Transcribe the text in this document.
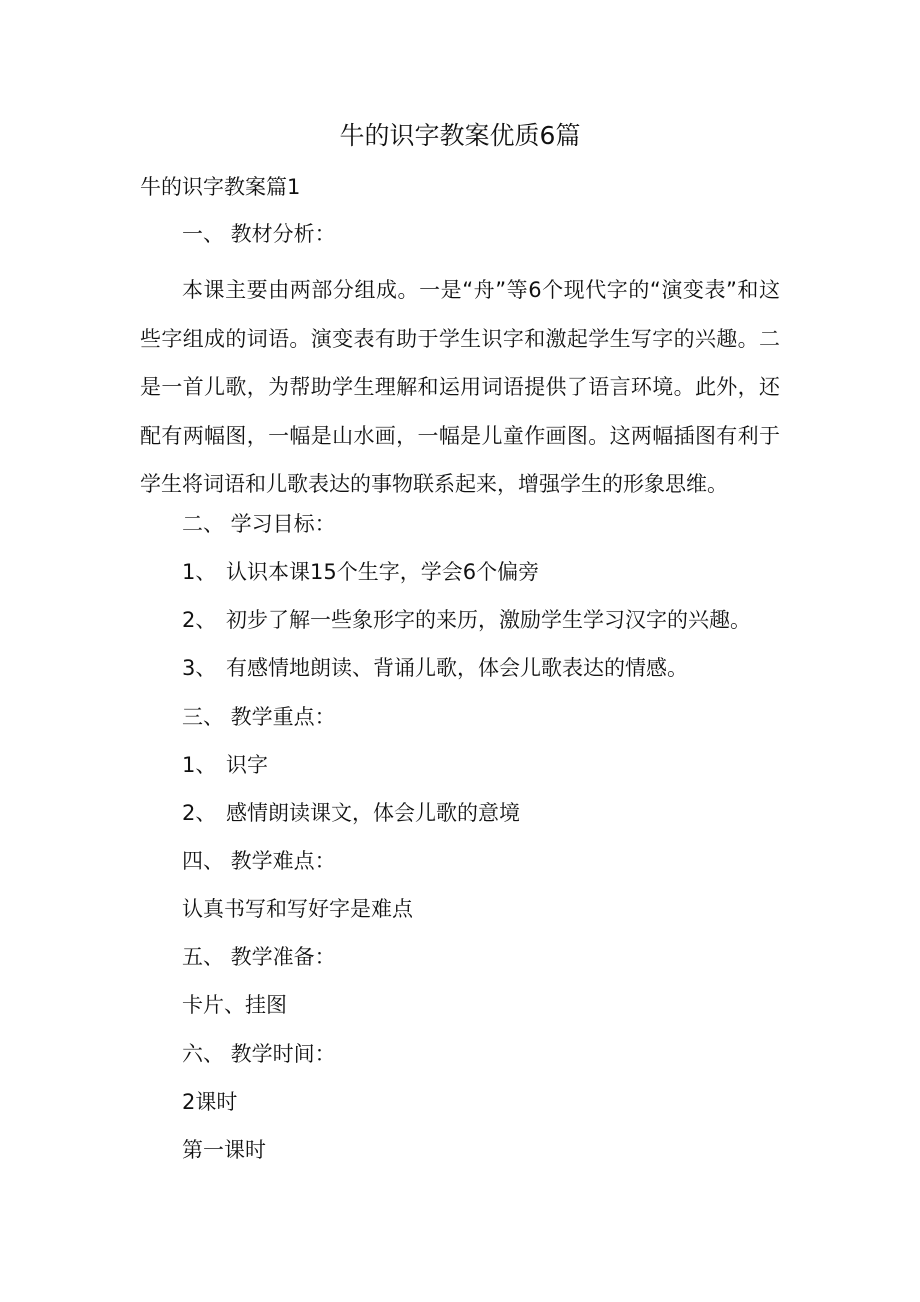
牛的识字教案优质6篇
牛的识字教案篇1
一、 教材分析：
本课主要由两部分组成。一是“舟”等6个现代字的“演变表”和这些字组成的词语。演变表有助于学生识字和激起学生写字的兴趣。二是一首儿歌，为帮助学生理解和运用词语提供了语言环境。此外，还配有两幅图，一幅是山水画，一幅是儿童作画图。这两幅插图有利于学生将词语和儿歌表达的事物联系起来，增强学生的形象思维。
二、 学习目标：
1、 认识本课15个生字，学会6个偏旁
2、 初步了解一些象形字的来历，激励学生学习汉字的兴趣。
3、 有感情地朗读、背诵儿歌，体会儿歌表达的情感。
三、 教学重点：
1、 识字
2、 感情朗读课文，体会儿歌的意境
四、 教学难点：
认真书写和写好字是难点
五、 教学准备：
卡片、挂图
六、 教学时间：
2课时
第一课时
